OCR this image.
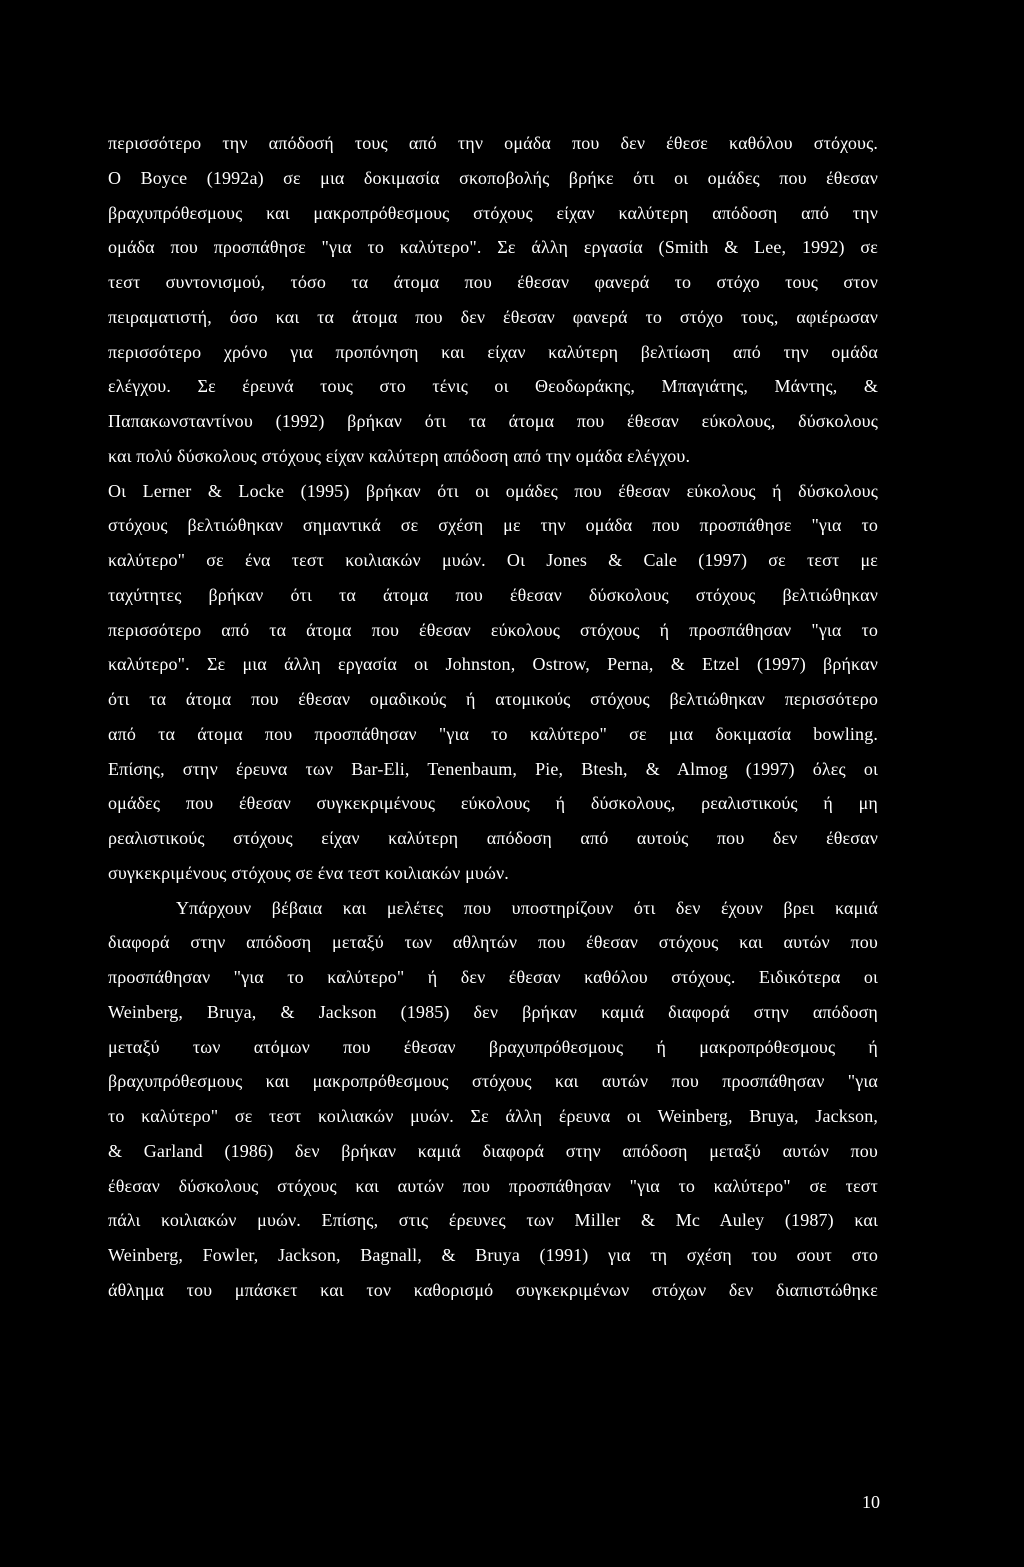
περισσότερο την απόδοσή τους από την ομάδα που δεν έθεσε καθόλου στόχους.
Ο Boyce (1992a) σε μια δοκιμασία σκοποβολής βρήκε ότι οι ομάδες που έθεσαν
βραχυπρόθεσμους και μακροπρόθεσμους στόχους είχαν καλύτερη απόδοση από την
ομάδα που προσπάθησε "για το καλύτερο". Σε άλλη εργασία (Smith & Lee, 1992) σε
τεστ συντονισμού, τόσο τα άτομα που έθεσαν φανερά το στόχο τους στον
πειραματιστή, όσο και τα άτομα που δεν έθεσαν φανερά το στόχο τους, αφιέρωσαν
περισσότερο χρόνο για προπόνηση και είχαν καλύτερη βελτίωση από την ομάδα
ελέγχου. Σε έρευνά τους στο τένις οι Θεοδωράκης, Μπαγιάτης, Μάντης, &
Παπακωνσταντίνου (1992) βρήκαν ότι τα άτομα που έθεσαν εύκολους, δύσκολους
και πολύ δύσκολους στόχους είχαν καλύτερη απόδοση από την ομάδα ελέγχου.
Οι Lerner & Locke (1995) βρήκαν ότι οι ομάδες που έθεσαν εύκολους ή δύσκολους
στόχους βελτιώθηκαν σημαντικά σε σχέση με την ομάδα που προσπάθησε "για το
καλύτερο" σε ένα τεστ κοιλιακών μυών. Οι Jones & Cale (1997) σε τεστ με
ταχύτητες βρήκαν ότι τα άτομα που έθεσαν δύσκολους στόχους βελτιώθηκαν
περισσότερο από τα άτομα που έθεσαν εύκολους στόχους ή προσπάθησαν "για το
καλύτερο". Σε μια άλλη εργασία οι Johnston, Ostrow, Perna, & Etzel (1997) βρήκαν
ότι τα άτομα που έθεσαν ομαδικούς ή ατομικούς στόχους βελτιώθηκαν περισσότερο
από τα άτομα που προσπάθησαν "για το καλύτερο" σε μια δοκιμασία bowling.
Επίσης, στην έρευνα των Bar-Eli, Tenenbaum, Pie, Btesh, & Almog (1997) όλες οι
ομάδες που έθεσαν συγκεκριμένους εύκολους ή δύσκολους, ρεαλιστικούς ή μη
ρεαλιστικούς στόχους είχαν καλύτερη απόδοση από αυτούς που δεν έθεσαν
συγκεκριμένους στόχους σε ένα τεστ κοιλιακών μυών.
Υπάρχουν βέβαια και μελέτες που υποστηρίζουν ότι δεν έχουν βρει καμιά
διαφορά στην απόδοση μεταξύ των αθλητών που έθεσαν στόχους και αυτών που
προσπάθησαν "για το καλύτερο" ή δεν έθεσαν καθόλου στόχους. Ειδικότερα οι
Weinberg, Bruya, & Jackson (1985) δεν βρήκαν καμιά διαφορά στην απόδοση
μεταξύ των ατόμων που έθεσαν βραχυπρόθεσμους ή μακροπρόθεσμους ή
βραχυπρόθεσμους και μακροπρόθεσμους στόχους και αυτών που προσπάθησαν "για
το καλύτερο" σε τεστ κοιλιακών μυών. Σε άλλη έρευνα οι Weinberg, Bruya, Jackson,
& Garland (1986) δεν βρήκαν καμιά διαφορά στην απόδοση μεταξύ αυτών που
έθεσαν δύσκολους στόχους και αυτών που προσπάθησαν "για το καλύτερο" σε τεστ
πάλι κοιλιακών μυών. Επίσης, στις έρευνες των Miller & Mc Auley (1987) και
Weinberg, Fowler, Jackson, Bagnall, & Bruya (1991) για τη σχέση του σουτ στο
άθλημα του μπάσκετ και τον καθορισμό συγκεκριμένων στόχων δεν διαπιστώθηκε
10
